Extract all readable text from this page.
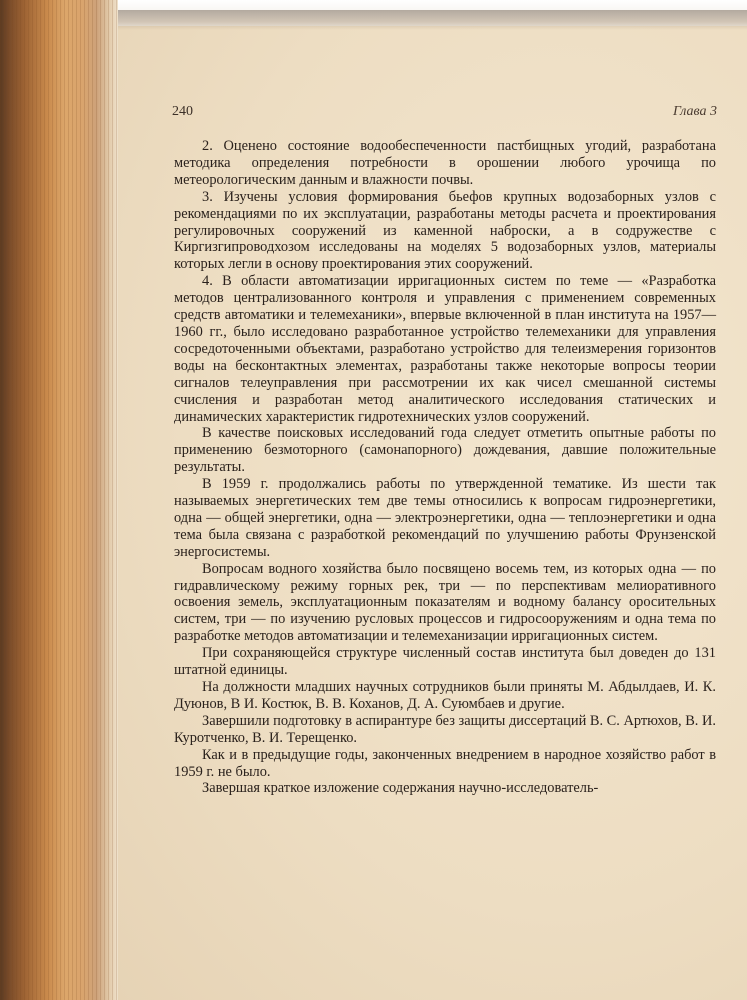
240	Глава 3

2. Оценено состояние водообеспеченности пастбищных угодий, разработана методика определения потребности в орошении любого урочища по метеорологическим данным и влажности почвы.

3. Изучены условия формирования бьефов крупных водозаборных узлов с рекомендациями по их эксплуатации, разработаны методы расчета и проектирования регулировочных сооружений из каменной наброски, а в содружестве с Киргизгипроводхозом исследованы на моделях 5 водозаборных узлов, материалы которых легли в основу проектирования этих сооружений.

4. В области автоматизации ирригационных систем по теме — «Разработка методов централизованного контроля и управления с применением современных средств автоматики и телемеханики», впервые включенной в план института на 1957—1960 гг., было исследовано разработанное устройство телемеханики для управления сосредоточенными объектами, разработано устройство для телеизмерения горизонтов воды на бесконтактных элементах, разработаны также некоторые вопросы теории сигналов телеуправления при рассмотрении их как чисел смешанной системы счисления и разработан метод аналитического исследования статических и динамических характеристик гидротехнических узлов сооружений.

В качестве поисковых исследований года следует отметить опытные работы по применению безмоторного (самонапорного) дождевания, давшие положительные результаты.

В 1959 г. продолжались работы по утвержденной тематике. Из шести так называемых энергетических тем две темы относились к вопросам гидроэнергетики, одна — общей энергетики, одна — электроэнергетики, одна — теплоэнергетики и одна тема была связана с разработкой рекомендаций по улучшению работы Фрунзенской энергосистемы.

Вопросам водного хозяйства было посвящено восемь тем, из которых одна — по гидравлическому режиму горных рек, три — по перспективам мелиоративного освоения земель, эксплуатационным показателям и водному балансу оросительных систем, три — по изучению русловых процессов и гидросооружениям и одна тема по разработке методов автоматизации и телемеханизации ирригационных систем.

При сохраняющейся структуре численный состав института был доведен до 131 штатной единицы.

На должности младших научных сотрудников были приняты М. Абдылдаев, И. К. Дуюнов, В И. Костюк, В. В. Коханов, Д. А. Суюмбаев и другие.

Завершили подготовку в аспирантуре без защиты диссертаций В. С. Артюхов, В. И. Куротченко, В. И. Терещенко.

Как и в предыдущие годы, законченных внедрением в народное хозяйство работ в 1959 г. не было.

Завершая краткое изложение содержания научно-исследователь-
